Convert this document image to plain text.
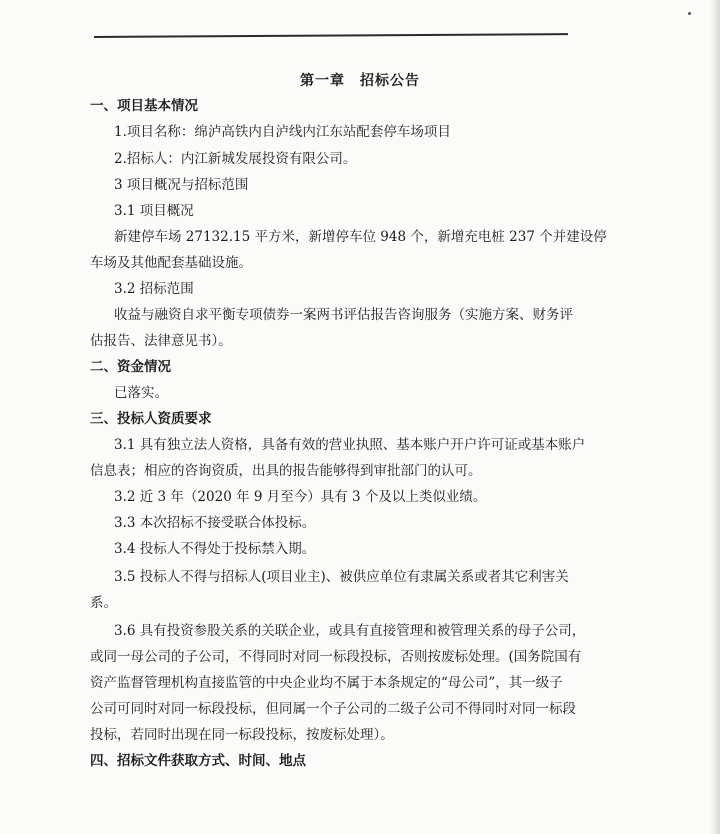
第一章　招标公告
一、项目基本情况
1.项目名称：绵泸高铁内自泸线内江东站配套停车场项目
2.招标人：内江新城发展投资有限公司。
3 项目概况与招标范围
3.1 项目概况
新建停车场 27132.15 平方米，新增停车位 948 个，新增充电桩 237 个并建设停
车场及其他配套基础设施。
3.2 招标范围
收益与融资自求平衡专项债券一案两书评估报告咨询服务（实施方案、财务评
估报告、法律意见书）。
二、资金情况
已落实。
三、投标人资质要求
3.1 具有独立法人资格，具备有效的营业执照、基本账户开户许可证或基本账户
信息表；相应的咨询资质，出具的报告能够得到审批部门的认可。
3.2 近 3 年（2020 年 9 月至今）具有 3 个及以上类似业绩。
3.3 本次招标不接受联合体投标。
3.4 投标人不得处于投标禁入期。
3.5 投标人不得与招标人(项目业主)、被供应单位有隶属关系或者其它利害关
系。
3.6 具有投资参股关系的关联企业，或具有直接管理和被管理关系的母子公司，
或同一母公司的子公司，不得同时对同一标段投标，否则按废标处理。(国务院国有
资产监督管理机构直接监管的中央企业均不属于本条规定的“母公司”，其一级子
公司可同时对同一标段投标，但同属一个子公司的二级子公司不得同时对同一标段
投标，若同时出现在同一标段投标，按废标处理）。
四、招标文件获取方式、时间、地点
